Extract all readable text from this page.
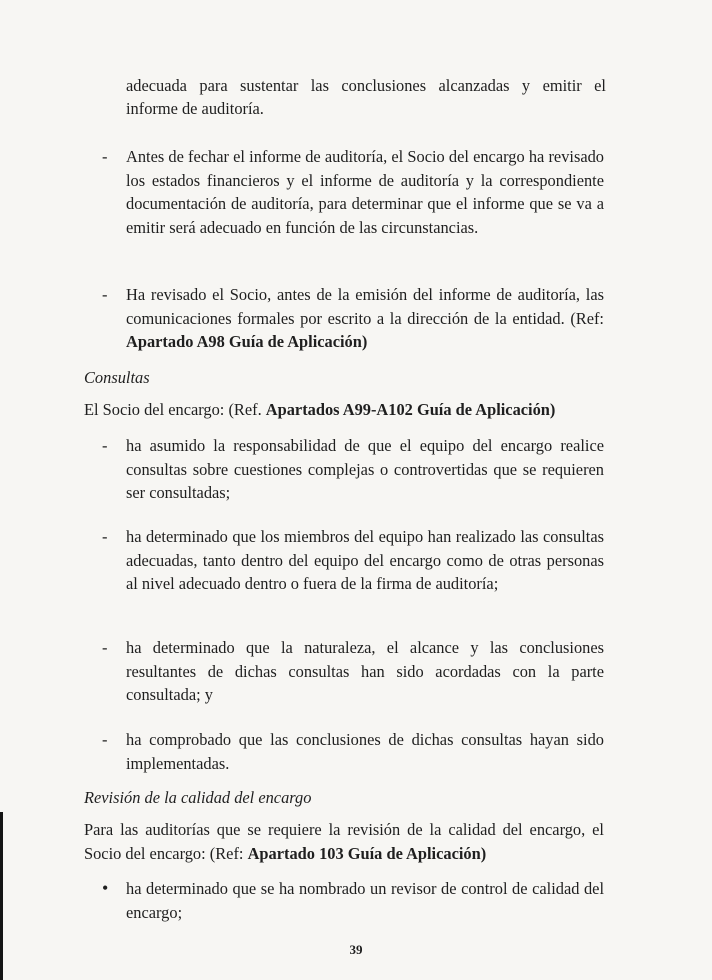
adecuada para sustentar las conclusiones alcanzadas y emitir el

informe de auditoría.

-	Antes de fechar el informe de auditoría, el Socio del encargo ha revisado los estados financieros y el informe de auditoría y la correspondiente documentación de auditoría, para determinar que el informe que se va a emitir será adecuado en función de las circunstancias.

-	Ha revisado el Socio, antes de la emisión del informe de auditoría, las comunicaciones formales por escrito a la dirección de la entidad. (Ref: Apartado A98 Guía de Aplicación)

Consultas

El Socio del encargo: (Ref. Apartados A99-A102 Guía de Aplicación)

-	ha asumido la responsabilidad de que el equipo del encargo realice consultas sobre cuestiones complejas o controvertidas que se requieren ser consultadas;

-	ha determinado que los miembros del equipo han realizado las consultas adecuadas, tanto dentro del equipo del encargo como de otras personas al nivel adecuado dentro o fuera de la firma de auditoría;

-	ha determinado que la naturaleza, el alcance y las conclusiones resultantes de dichas consultas han sido acordadas con la parte consultada; y

-	ha comprobado que las conclusiones de dichas consultas hayan sido implementadas.

Revisión de la calidad del encargo

Para las auditorías que se requiere la revisión de la calidad del encargo, el Socio del encargo: (Ref: Apartado 103 Guía de Aplicación)

•	ha determinado que se ha nombrado un revisor de control de calidad del encargo;

39
